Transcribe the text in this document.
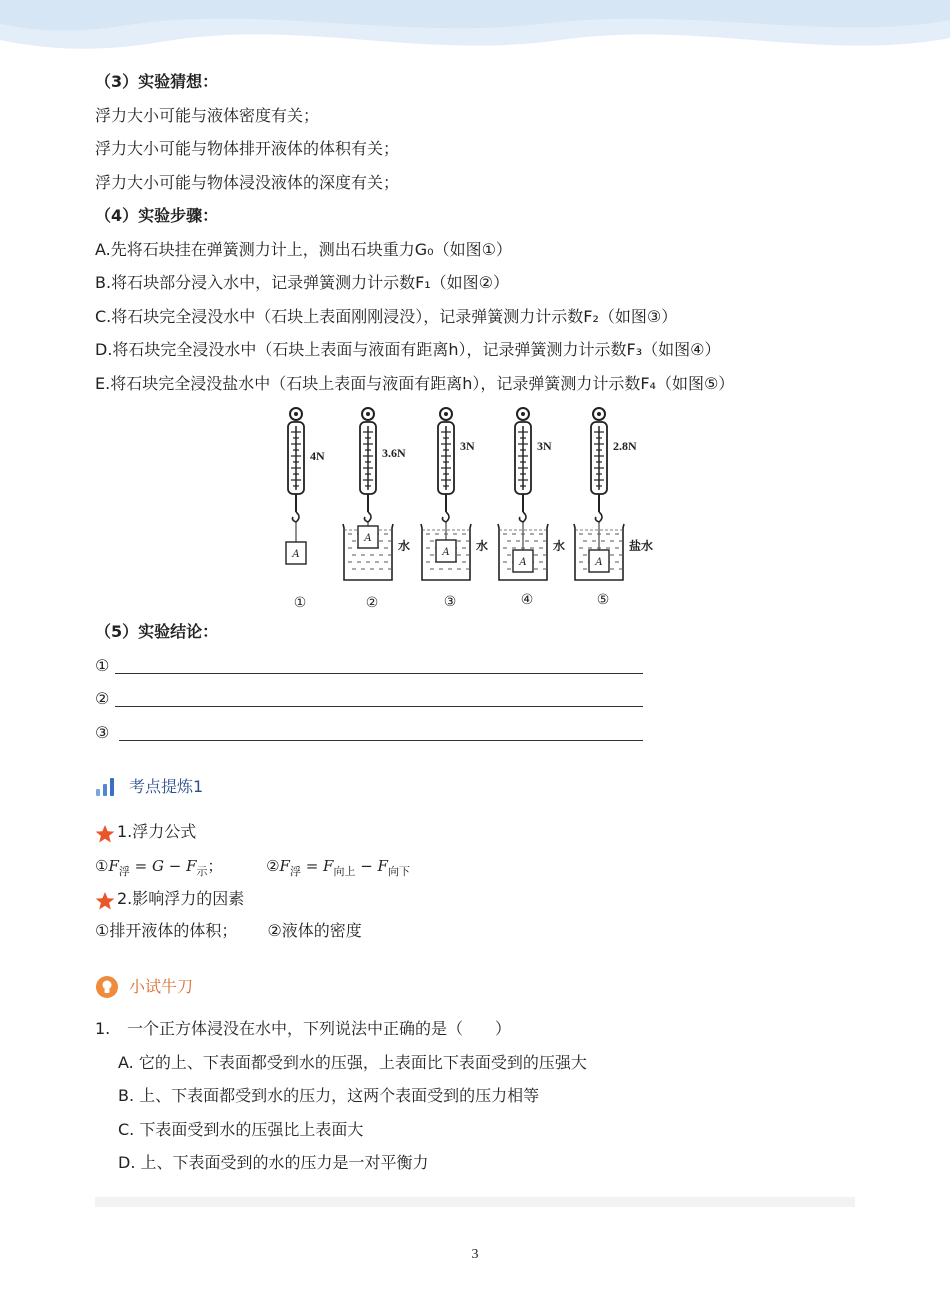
（3）实验猜想：
浮力大小可能与液体密度有关；
浮力大小可能与物体排开液体的体积有关；
浮力大小可能与物体浸没液体的深度有关；
（4）实验步骤：
A.先将石块挂在弹簧测力计上，测出石块重力G₀（如图①）
B.将石块部分浸入水中，记录弹簧测力计示数F₁（如图②）
C.将石块完全浸没水中（石块上表面刚刚浸没），记录弹簧测力计示数F₂（如图③）
D.将石块完全浸没水中（石块上表面与液面有距离h），记录弹簧测力计示数F₃（如图④）
E.将石块完全浸没盐水中（石块上表面与液面有距离h），记录弹簧测力计示数F₄（如图⑤）
A
4N
①
A
3.6N
水
②
A
3N
水
③
A
3N
水
④
A
2.8N
盐水
⑤
（5）实验结论：
①
②
③
考点提炼1
1.浮力公式
$①F_浮 = G - F_示$；	$②F_浮 = F_{向上} - F_{向下}$
2.影响浮力的因素
①排开液体的体积； ②液体的密度
小试牛刀
1. 一个正方体浸没在水中，下列说法中正确的是（　　）
A. 它的上、下表面都受到水的压强，上表面比下表面受到的压强大
B. 上、下表面都受到水的压力，这两个表面受到的压力相等
C. 下表面受到水的压强比上表面大
D. 上、下表面受到的水的压力是一对平衡力
3
